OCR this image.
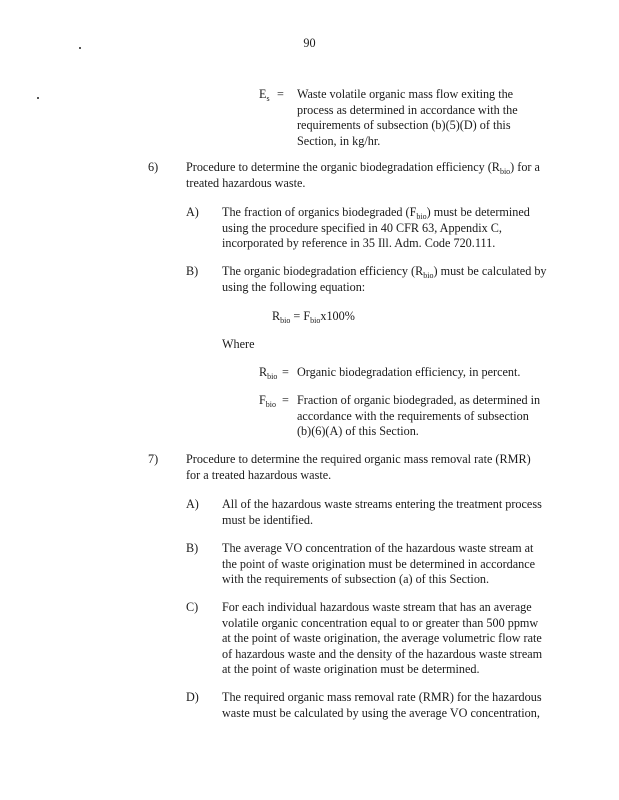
90
$E_s$ = Waste volatile organic mass flow exiting the
process as determined in accordance with the
requirements of subsection (b)(5)(D) of this
Section, in kg/hr.
6) Procedure to determine the organic biodegradation efficiency $(R_{bio})$ for a
treated hazardous waste.
A) The fraction of organics biodegraded $(F_{bio})$ must be determined
using the procedure specified in 40 CFR 63, Appendix C,
incorporated by reference in 35 Ill. Adm. Code 720.111.
B) The organic biodegradation efficiency $(R_{bio})$ must be calculated by
using the following equation:
$R_{bio} = F_{bio}x100\%$
Where
$R_{bio}$ = Organic biodegradation efficiency, in percent.
$F_{bio}$ = Fraction of organic biodegraded, as determined in
accordance with the requirements of subsection
(b)(6)(A) of this Section.
7) Procedure to determine the required organic mass removal rate (RMR)
for a treated hazardous waste.
A) All of the hazardous waste streams entering the treatment process
must be identified.
B) The average VO concentration of the hazardous waste stream at
the point of waste origination must be determined in accordance
with the requirements of subsection (a) of this Section.
C) For each individual hazardous waste stream that has an average
volatile organic concentration equal to or greater than 500 ppmw
at the point of waste origination, the average volumetric flow rate
of hazardous waste and the density of the hazardous waste stream
at the point of waste origination must be determined.
D) The required organic mass removal rate (RMR) for the hazardous
waste must be calculated by using the average VO concentration,
